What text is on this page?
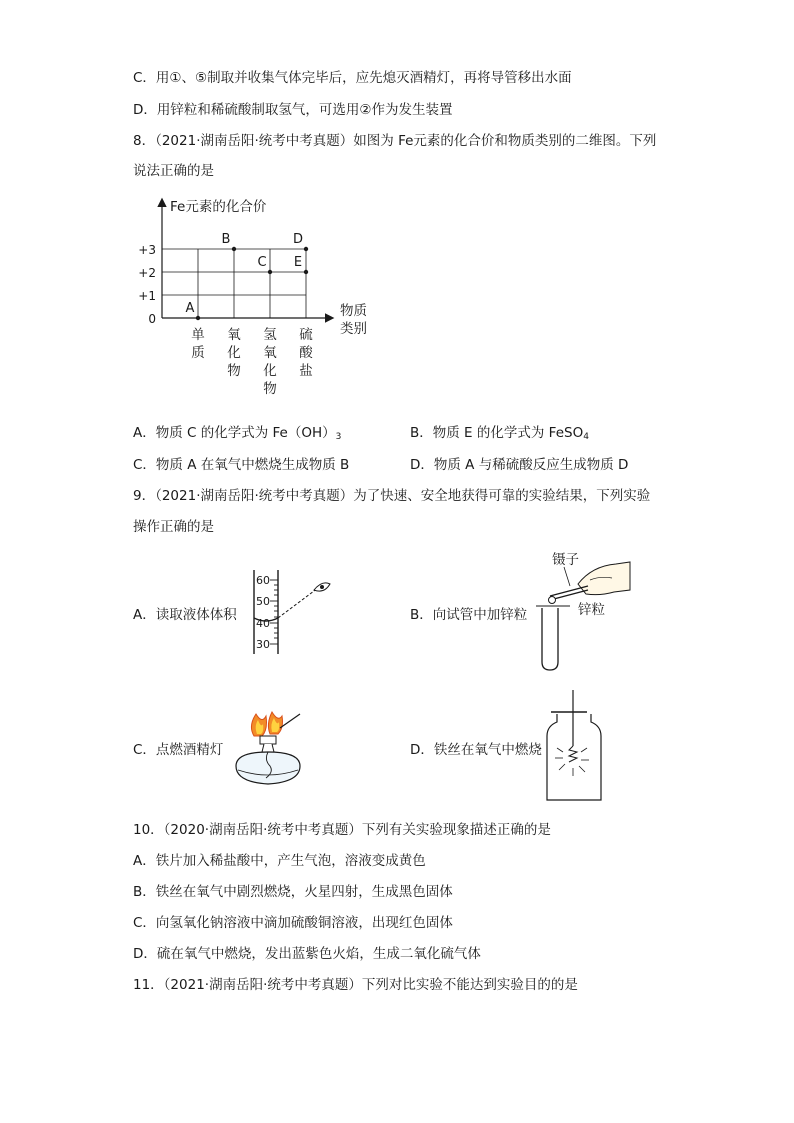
C．用①、⑤制取并收集气体完毕后，应先熄灭酒精灯，再将导管移出水面
D．用锌粒和稀硫酸制取氢气，可选用②作为发生装置
8．（2021·湖南岳阳·统考中考真题）如图为 Fe元素的化合价和物质类别的二维图。下列
说法正确的是
Fe元素的化合价
物质
类别
+3
+2
+1
0
单
质
氧
化
物
氢
氧
化
物
硫
酸
盐
A
B
C
D
E
A．物质 C 的化学式为 $Fe(OH)_3$	B．物质 E 的化学式为 FeSO$_4$
C．物质 A 在氧气中燃烧生成物质 B	D．物质 A 与稀硫酸反应生成物质 D
9．（2021·湖南岳阳·统考中考真题）为了快速、安全地获得可靠的实验结果，下列实验
操作正确的是
A．读取液体体积
60
50
40
30
B．向试管中加锌粒
镊子
锌粒
C．点燃酒精灯	D．铁丝在氧气中燃烧
10．（2020·湖南岳阳·统考中考真题）下列有关实验现象描述正确的是
A．铁片加入稀盐酸中，产生气泡，溶液变成黄色
B．铁丝在氧气中剧烈燃烧，火星四射，生成黑色固体
C．向氢氧化钠溶液中滴加硫酸铜溶液，出现红色固体
D．硫在氧气中燃烧，发出蓝紫色火焰，生成二氧化硫气体
11．（2021·湖南岳阳·统考中考真题）下列对比实验不能达到实验目的的是
